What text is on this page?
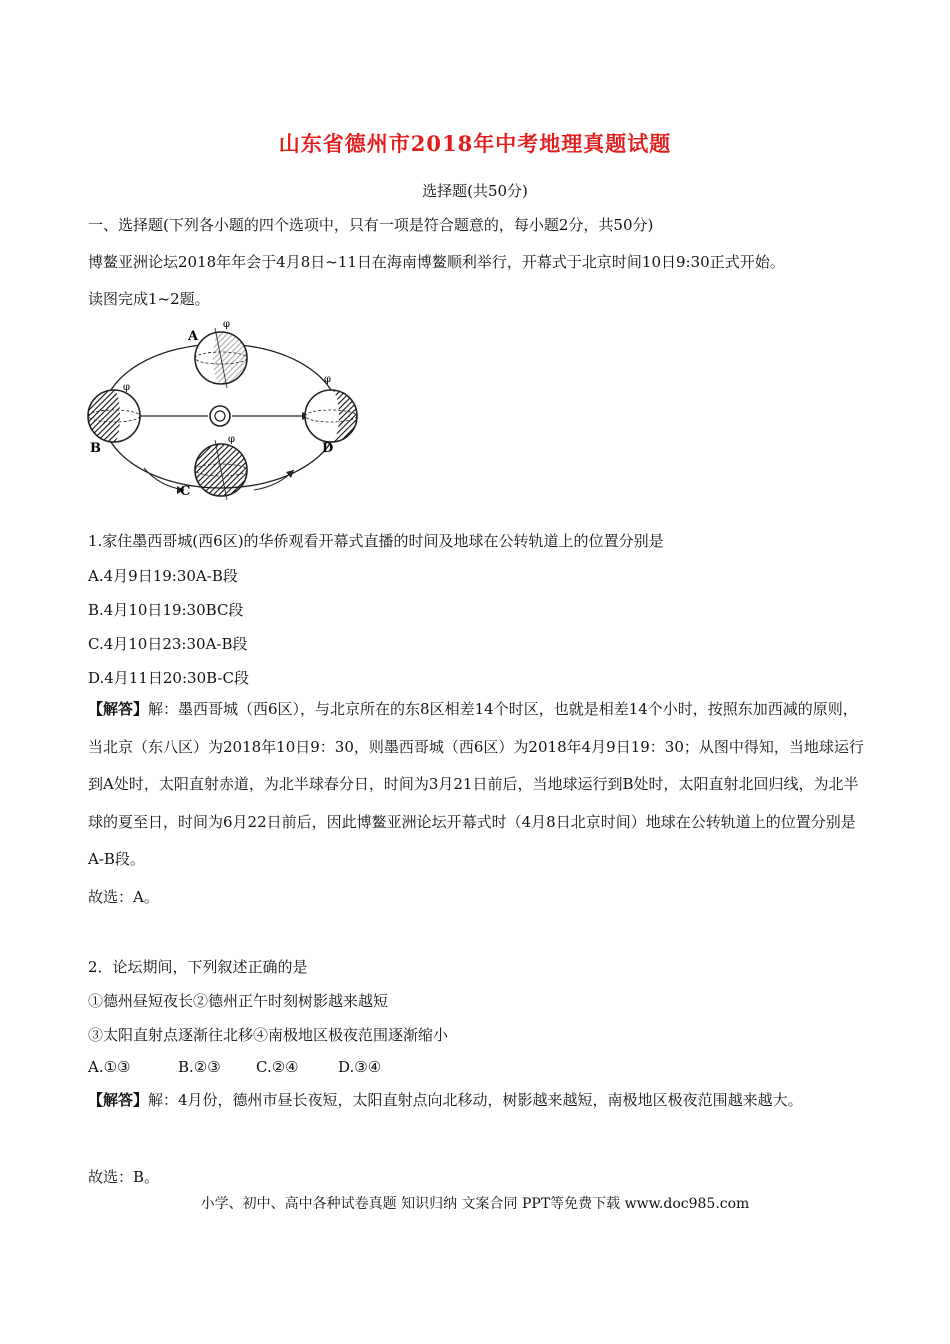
山东省德州市2018年中考地理真题试题
选择题(共50分)
一、选择题(下列各小题的四个选项中，只有一项是符合题意的，每小题2分，共50分)
博鳌亚洲论坛2018年年会于4月8日~11日在海南博鳌顺利举行，开幕式于北京时间10日9:30正式开始。
读图完成1~2题。
φ
φ
φ
φ
A
B
C
D
1.家住墨西哥城(西6区)的华侨观看开幕式直播的时间及地球在公转轨道上的位置分别是
A.4月9日19:30A-B段
B.4月10日19:30BC段
C.4月10日23:30A-B段
D.4月11日20:30B-C段

【解答】解：墨西哥城（西6区），与北京所在的东8区相差14个时区，也就是相差14个小时，按照东加西减的原则，当北京（东八区）为2018年10日9：30，则墨西哥城（西6区）为2018年4月9日19：30；从图中得知，当地球运行到A处时，太阳直射赤道，为北半球春分日，时间为3月21日前后，当地球运行到B处时，太阳直射北回归线，为北半球的夏至日，时间为6月22日前后，因此博鳌亚洲论坛开幕式时（4月8日北京时间）地球在公转轨道上的位置分别是A-B段。

故选：A。
2．论坛期间，下列叙述正确的是
①德州昼短夜长②德州正午时刻树影越来越短
③太阳直射点逐渐往北移④南极地区极夜范围逐渐缩小
A.①③	B.②③ C.②④	D.③④

【解答】解：4月份，德州市昼长夜短，太阳直射点向北移动，树影越来越短，南极地区极夜范围越来越大。

故选：B。
小学、初中、高中各种试卷真题 知识归纳 文案合同 PPT等免费下载 www.doc985.com
